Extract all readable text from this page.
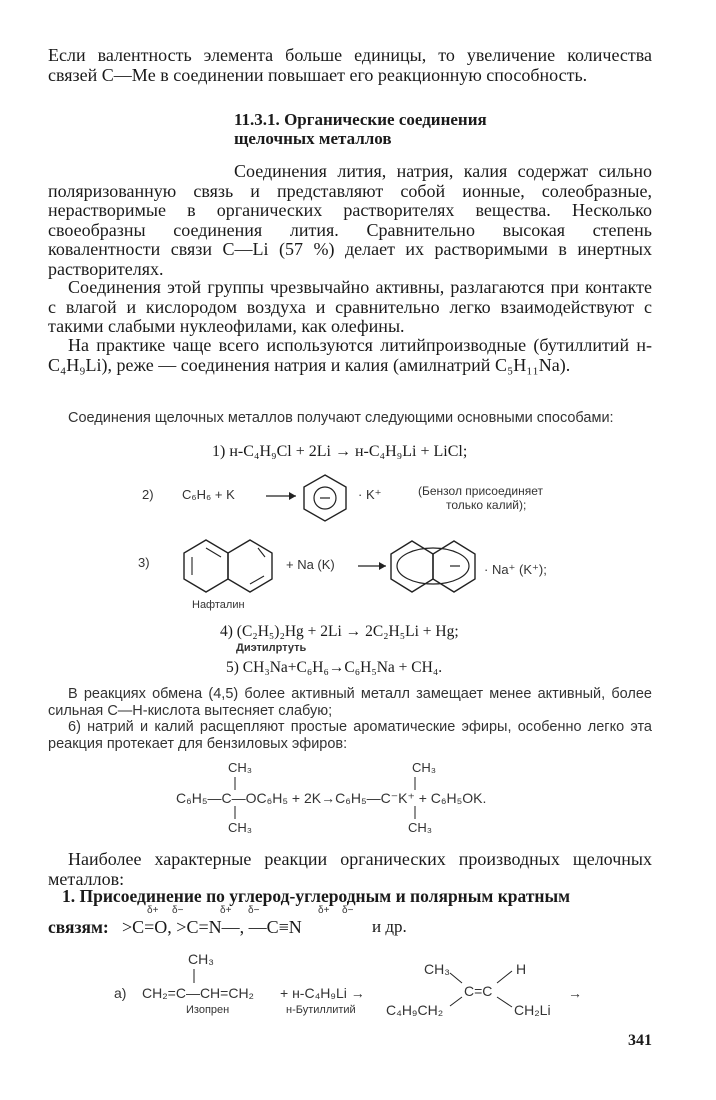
Если валентность элемента больше единицы, то увеличение количества связей C—Me в соединении повышает его реакционную способность.
11.3.1. Органические соединения
щелочных металлов
Соединения лития, натрия, калия содержат сильно поляризованную связь и представляют собой ионные, солеобразные, нерастворимые в органических растворителях вещества. Несколько своеобразны соединения лития. Сравнительно высокая степень ковалентности связи C—Li (57 %) делает их растворимыми в инертных растворителях.
Соединения этой группы чрезвычайно активны, разлагаются при контакте с влагой и кислородом воздуха и сравнительно легко взаимодействуют с такими слабыми нуклеофилами, как олефины.
На практике чаще всего используются литийпроизводные (бутиллитий н-C₄H₉Li), реже — соединения натрия и калия (амилнатрий C₅H₁₁Na).
Соединения щелочных металлов получают следующими основными способами:
1) н-C₄H₉Cl + 2Li → н-C₄H₉Li + LiCl;
2) C₆H₆ + K	· K⁺	(Бензол присоединяет
только калий);
3)	+ Na (K)	· Na⁺ (K⁺);
Нафталин
4) (C₂H₅)₂Hg + 2Li → 2C₂H₅Li + Hg;
Диэтилртуть
5) CH₃Na+C₆H₆→C₆H₅Na + CH₄.
В реакциях обмена (4,5) более активный металл замещает менее активный, более сильная C—H-кислота вытесняет слабую;
6) натрий и калий расщепляют простые ароматические эфиры, особенно легко эта реакция протекает для бензиловых эфиров:
CH₃	CH₃
C₆H₅—C—OC₆H₅ + 2K→C₆H₅—C⁻K⁺ + C₆H₅OK.
CH₃	CH₃
Наиболее характерные реакции органических производных щелочных металлов:
1. Присоединение по углерод-углеродным и полярным кратным
δ+ δ−	δ+ δ−	δ+ δ−
связям: >C=O, >C=N—, —C≡N	и др.
CH₃
а) CH₂=C—CH=CH₂ + н-C₄H₉Li →
Изопрен	н-Бутиллитий
CH₃	H
C=C
C₄H₉CH₂	CH₂Li
→
341
